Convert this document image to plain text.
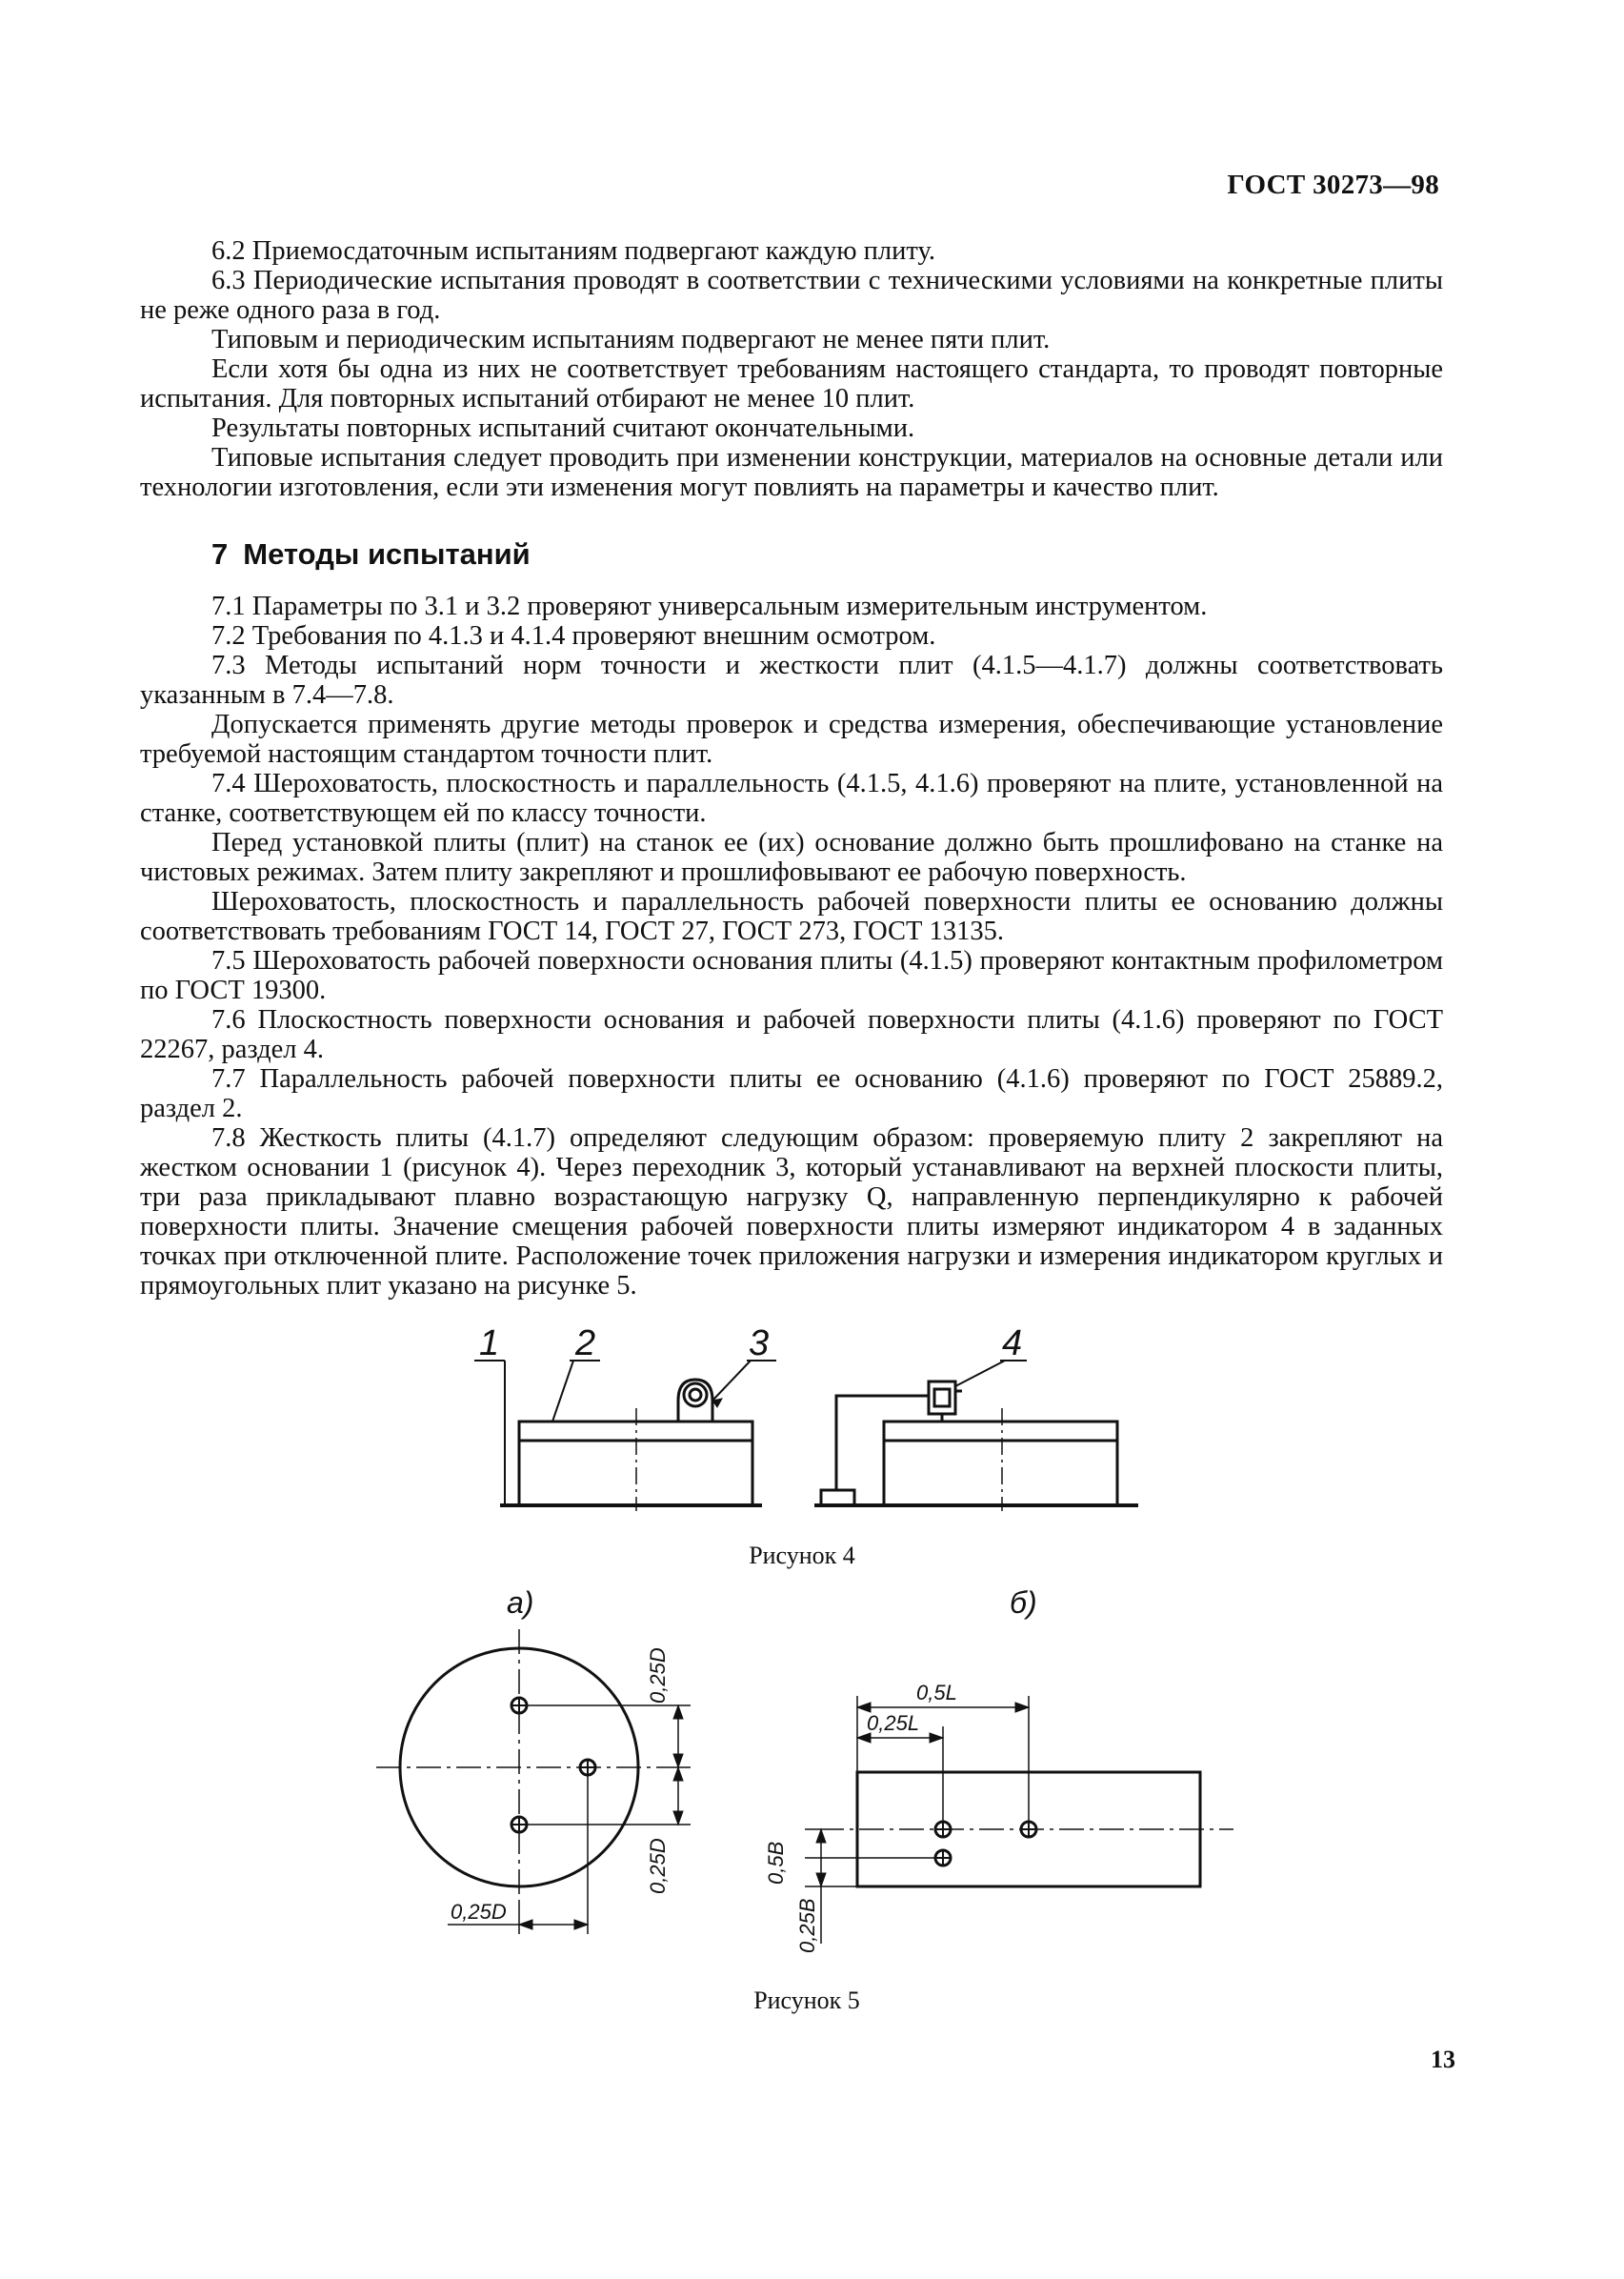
ГОСТ 30273—98

6.2 Приемосдаточным испытаниям подвергают каждую плиту.

6.3 Периодические испытания проводят в соответствии с техническими условиями на конкретные плиты не реже одного раза в год.

Типовым и периодическим испытаниям подвергают не менее пяти плит.

Если хотя бы одна из них не соответствует требованиям настоящего стандарта, то проводят повторные испытания. Для повторных испытаний отбирают не менее 10 плит.

Результаты повторных испытаний считают окончательными.

Типовые испытания следует проводить при изменении конструкции, материалов на основные детали или технологии изготовления, если эти изменения могут повлиять на параметры и качество плит.

7 Методы испытаний

7.1 Параметры по 3.1 и 3.2 проверяют универсальным измерительным инструментом.

7.2 Требования по 4.1.3 и 4.1.4 проверяют внешним осмотром.

7.3 Методы испытаний норм точности и жесткости плит (4.1.5—4.1.7) должны соответствовать указанным в 7.4—7.8.

Допускается применять другие методы проверок и средства измерения, обеспечивающие установление требуемой настоящим стандартом точности плит.

7.4 Шероховатость, плоскостность и параллельность (4.1.5, 4.1.6) проверяют на плите, установленной на станке, соответствующем ей по классу точности.

Перед установкой плиты (плит) на станок ее (их) основание должно быть прошлифовано на станке на чистовых режимах. Затем плиту закрепляют и прошлифовывают ее рабочую поверхность.

Шероховатость, плоскостность и параллельность рабочей поверхности плиты ее основанию должны соответствовать требованиям ГОСТ 14, ГОСТ 27, ГОСТ 273, ГОСТ 13135.

7.5 Шероховатость рабочей поверхности основания плиты (4.1.5) проверяют контактным профилометром по ГОСТ 19300.

7.6 Плоскостность поверхности основания и рабочей поверхности плиты (4.1.6) проверяют по ГОСТ 22267, раздел 4.

7.7 Параллельность рабочей поверхности плиты ее основанию (4.1.6) проверяют по ГОСТ 25889.2, раздел 2.

7.8 Жесткость плиты (4.1.7) определяют следующим образом: проверяемую плиту 2 закрепляют на жестком основании 1 (рисунок 4). Через переходник 3, который устанавливают на верхней плоскости плиты, три раза прикладывают плавно возрастающую нагрузку Q, направленную перпендикулярно к рабочей поверхности плиты. Значение смещения рабочей поверхности плиты измеряют индикатором 4 в заданных точках при отключенной плите. Расположение точек приложения нагрузки и измерения индикатором круглых и прямоугольных плит указано на рисунке 5.

1 2	3	4
а)	б)
0,25D
0,25D
0,25D
0,5L
0,25L
0,5B
0,25B
Рисунок 4
Рисунок 5
13
